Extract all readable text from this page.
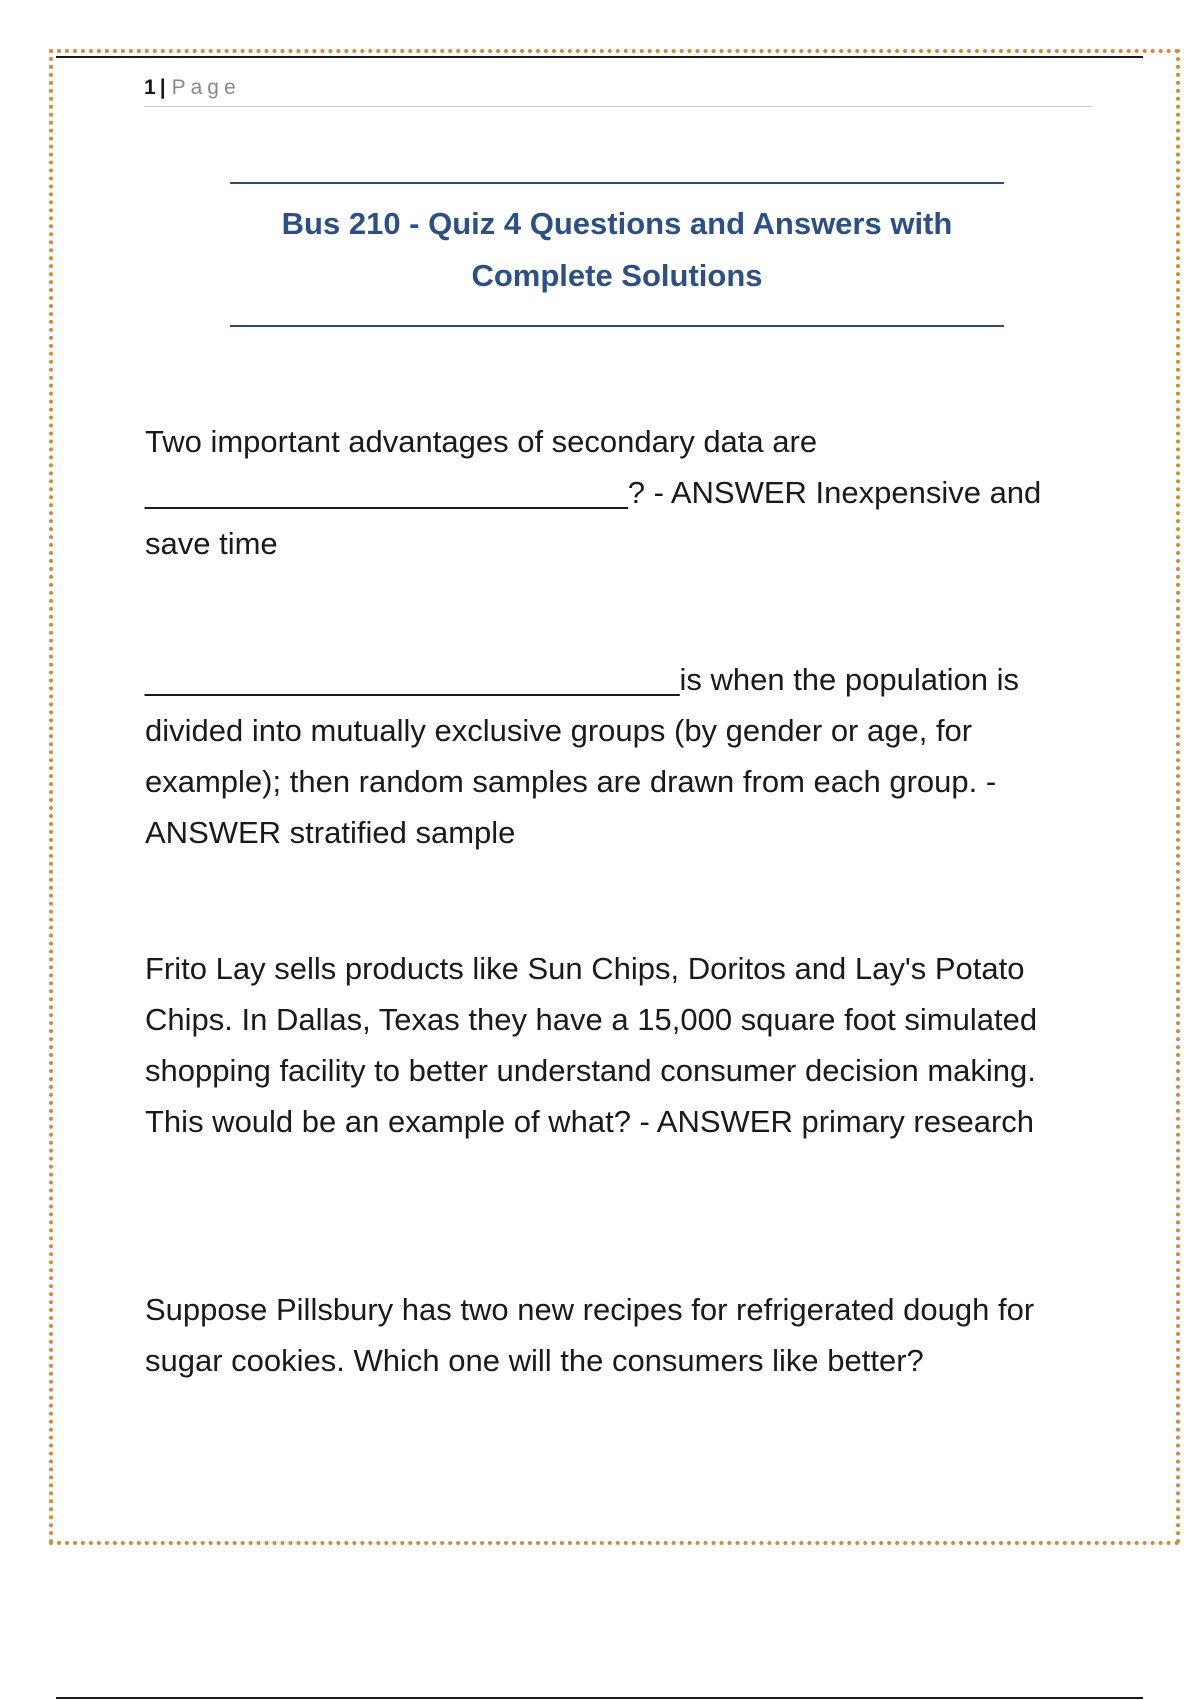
1 | Page
Bus 210 - Quiz 4 Questions and Answers with Complete Solutions
Two important advantages of secondary data are ____________________________? - ANSWER Inexpensive and save time
_______________________________is when the population is divided into mutually exclusive groups (by gender or age, for example); then random samples are drawn from each group. - ANSWER stratified sample
Frito Lay sells products like Sun Chips, Doritos and Lay's Potato Chips. In Dallas, Texas they have a 15,000 square foot simulated shopping facility to better understand consumer decision making. This would be an example of what? - ANSWER primary research
Suppose Pillsbury has two new recipes for refrigerated dough for sugar cookies. Which one will the consumers like better?
